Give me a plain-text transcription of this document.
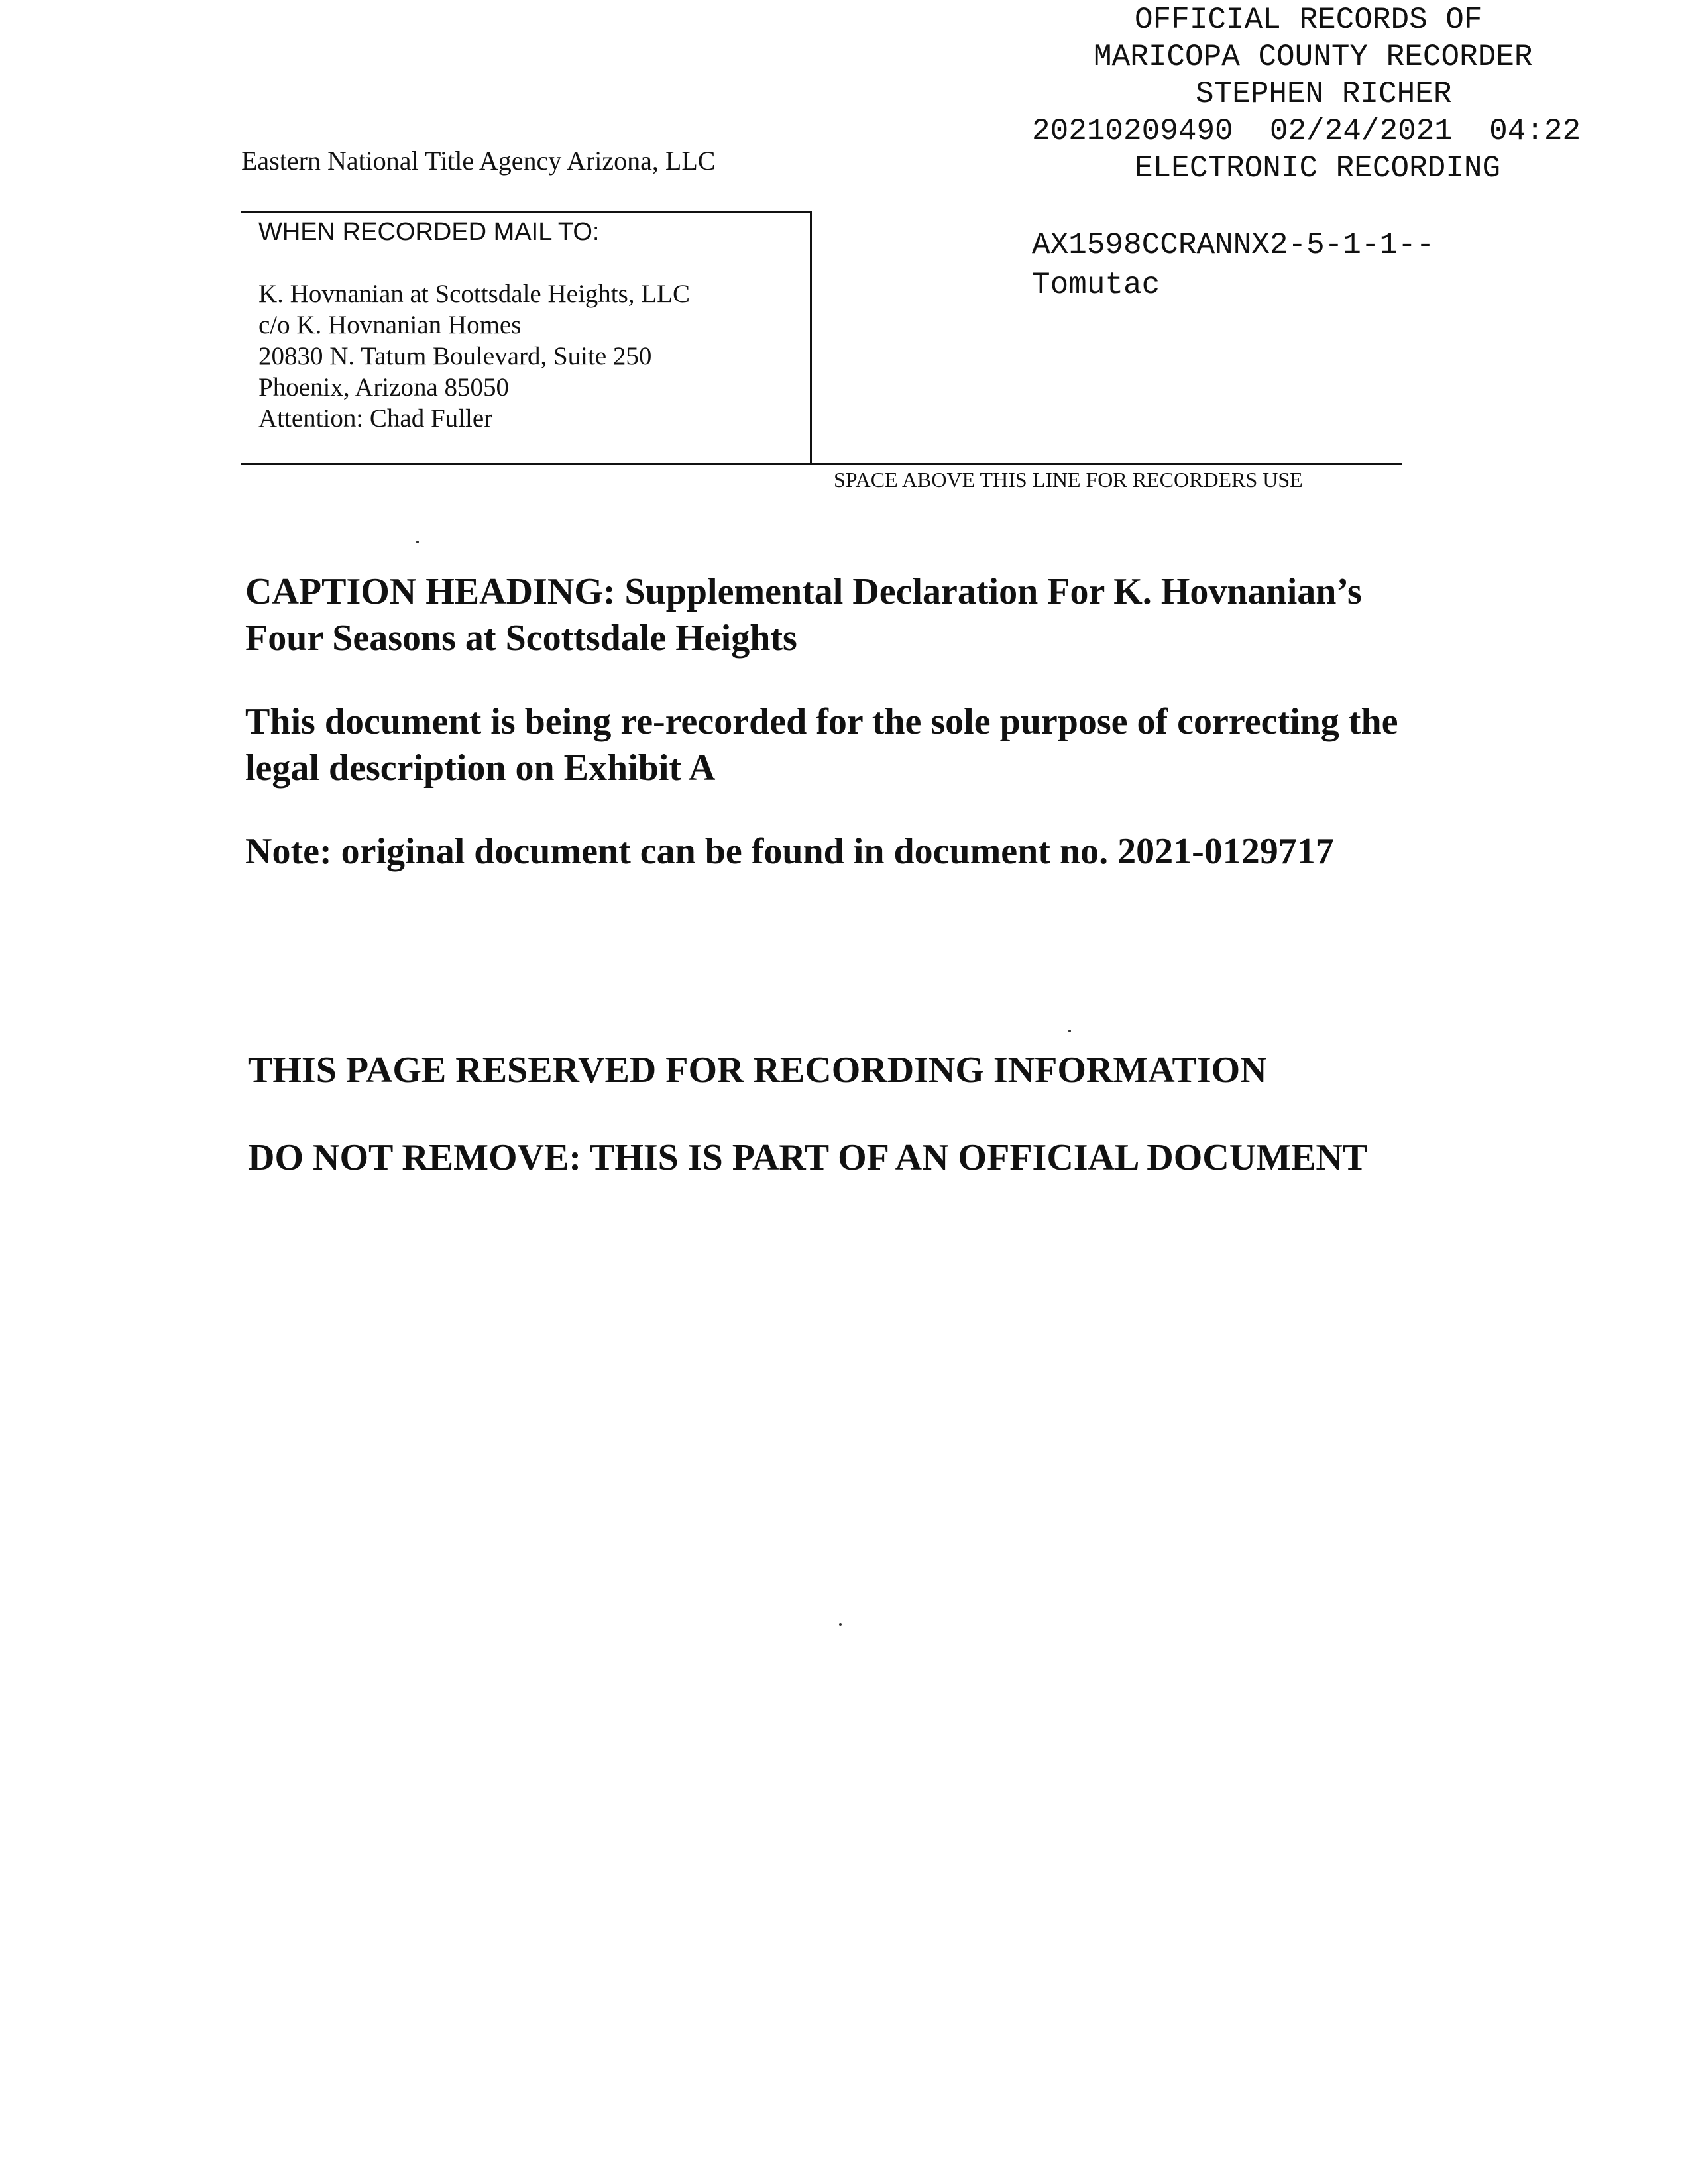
OFFICIAL RECORDS OF

MARICOPA COUNTY RECORDER

STEPHEN RICHER

20210209490  02/24/2021  04:22

ELECTRONIC RECORDING

Eastern National Title Agency Arizona, LLC
WHEN RECORDED MAIL TO:
K. Hovnanian at Scottsdale Heights, LLC
c/o K. Hovnanian Homes
20830 N. Tatum Boulevard, Suite 250
Phoenix, Arizona 85050
Attention: Chad Fuller
AX1598CCRANNX2-5-1-1--
Tomutac
SPACE ABOVE THIS LINE FOR RECORDERS USE
CAPTION HEADING: Supplemental Declaration For K. Hovnanian’s
Four Seasons at Scottsdale Heights
This document is being re-recorded for the sole purpose of correcting the
legal description on Exhibit A
Note: original document can be found in document no. 2021-0129717
THIS PAGE RESERVED FOR RECORDING INFORMATION
DO NOT REMOVE: THIS IS PART OF AN OFFICIAL DOCUMENT
